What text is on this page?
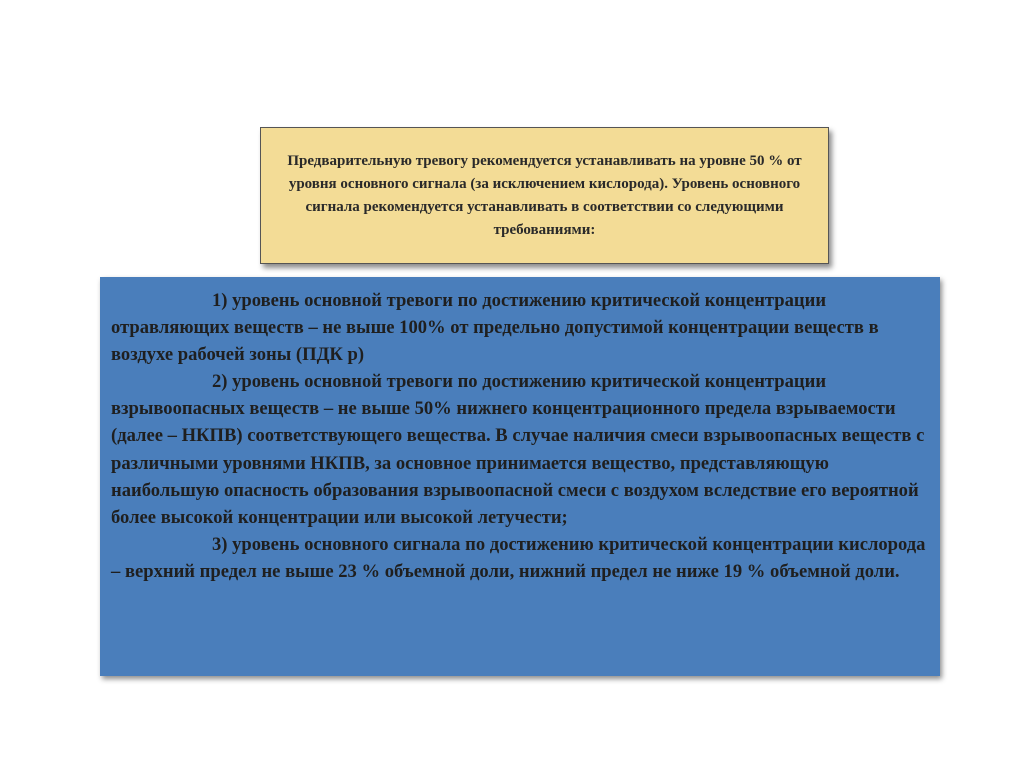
Предварительную тревогу рекомендуется устанавливать на уровне 50 % от уровня основного сигнала (за исключением кислорода). Уровень основного сигнала рекомендуется устанавливать в соответствии со следующими требованиями:

1) уровень основной тревоги по достижению критической концентрации отравляющих веществ – не выше 100% от предельно допустимой концентрации веществ в воздухе рабочей зоны (ПДК р)

2) уровень основной тревоги по достижению критической концентрации взрывоопасных веществ – не выше 50% нижнего концентрационного предела взрываемости (далее – НКПВ) соответствующего вещества. В случае наличия смеси взрывоопасных веществ с различными уровнями НКПВ, за основное принимается вещество, представляющую наибольшую опасность образования взрывоопасной смеси с воздухом вследствие его вероятной более высокой концентрации или высокой летучести;

3) уровень основного сигнала по достижению критической концентрации кислорода – верхний предел не выше 23 % объемной доли, нижний предел не ниже 19 % объемной доли.
